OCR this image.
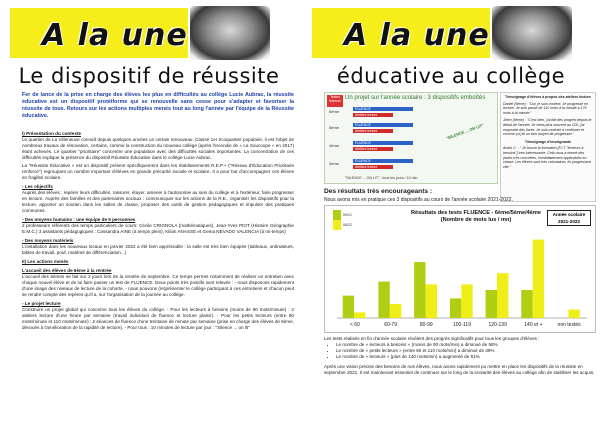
A la une
Le dispositif de réussite
Fer de lance de la prise en charge des élèves les plus en difficultés au collège Lucie Aubrac, la réussite éducative est un dispositif protéiforme qui se renouvelle sans cesse pour s'adapter et favoriser la réussite de tous. Retours sur les actions multiples menés tout au long l'année par l'équipe de la Réussite éducative.
I) Présentation du contexte

Le quartier de La Villeneuve connaît depuis quelques années un certain renouveau. Classé 1er écoquartier populaire, il est l'objet de nombreux travaux de rénovation, certains, comme la construction du nouveau collège (après l'incendie de « La Soucoupe » en 2017) étant achevés. Le quartier "prioritaire" concentre une population avec des difficultés sociales importantes. La concentration de ces difficultés explique la présence du dispositif Réussite Éducative dans le collège Lucie Aubrac.

La "Réussite Éducative » est un dispositif présent spécifiquement dans les établissements R.E.P.+ ("Réseau d'Éducation Prioritaire renforcé") regroupant un nombre important d'élèves en grande précarité sociale et scolaire. Il a pour but d'accompagner ces élèves en fragilité scolaire.

- Les objectifs

Auprès des élèves : repérer leurs difficultés, rassurer, étayer, amener à l'autonomie au sein du collège et à l'extérieur, faire progresser en lecture. Auprès des familles et des partenaires sociaux : communiquer sur les actions de la R.E., organiser les dispositifs pour la lecture, apporter un soutien dans les salles de classe, proposer des outils de gestion pédagogiques et impulser des pratiques communes.

- Des moyens humains : une équipe de 5 personnes

2 professeurs référents des temps particuliers de cours: Cécile CRIGNOLA (mathématiques), Jean-Yves PIOT (Histoire Géographie E.M.C.) 3 assistants pédagogiques : Cassandra AINE (à temps plein), Kilian ANASSE et Gema NEVADO VALENCIA (à mi-temps)

- Des moyens matériels

L'installation dans les nouveaux locaux en janvier 2022 a été bien appréciable : la salle est très bien équipée (tableaux, ordinateurs, tables de travail, pouf, matériel de différenciation...)

II) Les actions menés
L'accueil des élèves de 6ème à la rentrée

L'accueil des 6èmes se fait sur 2 jours lors de la rentrée de septembre. Ce temps permet notamment de réaliser un entretien avec chaque nouvel élève et de lui faire passer un test de FLUENCE. Deux points très positifs sont relevés : - nous disposons rapidement d'une image des niveaux de lecture de la cohorte, - nous pouvons (re)présenter le collège participant à ces entretiens et chacun peut se rendre compte des repères qu'il a, sur l'organisation de la journée au collège.

- Le projet lecture

Construire un projet global qui concerne tous les élèves du collège. - Pour les lecteurs à besoins (moins de 90 mots/minute) : 2 ateliers lecture d'une heure par semaine (travail individuel de fluence et lecture plaisir). - Pour les petits lecteurs (entre 90 mots/minute et 110 mots/minute) : 2 séances de fluence d'une trentaine de minute par semaine (prise en charge des élèves de 6ème, dévoués à l'amélioration de la rapidité de lecture). - Pour tous : 10 minutes de lecture par jour : "Silence ... on lit"

A la une
éducative au collège
Textes lecteurs Un projet sur l'année scolaire : 3 dispositifs emboîtés
6ème
5ème
4ème
3ème
FLUENCE
Ateliers lecture
FLUENCE
Ateliers lecture
FLUENCE
Ateliers lecture
FLUENCE
Ateliers lecture
"SILENCE ... ON LIT"
"SILENCE ... ON LIT" : tous les jours / 10 min
Témoignage d'élèves à propos des ateliers lecture
Daniel (5ème) : "Oui, je suis content. Je progresse en lecture. Je suis passé de 110 mots à la minute à 170 mots à la minute."
Jihen (6ème) : "C'est bien, j'ai fait des progrès depuis le début de l'année. Je viens plus souvent au CDI, j'ai emprunté des livres. Je suis motivée à continuer et comme ça j'ai un bon moyen de progresser."
Témoignage d'enseignante
Anaïs C. : " Je trouve la formation [F.I.T "lecteurs à besoins"] très intéressante. Cela nous a donné des pistes très concrètes, immédiatement applicables en classe. Les élèves sont très volontaires, ils progressent vite."
Des résultats très encourageants :
Nous avons mis en pratique ces 3 dispositifs au cours de l'année scolaire 2021-2022.
09/21
06/22
Résultats des tests FLUENCE - 6ème/5ème/4ème
(Nombre de mots lus / mn)
Année scolaire 2021-2022
< 60	60-79	80-99	100-119	120-139	140 et +	non testés
Les tests réalisés en fin d'année scolaire révèlent des progrès significatifs pour tous les groupes d'élèves :
• Le nombre de « lecteurs à besoins » (moins de 90 mots/min) a diminué de 58%
• Le nombre de « petits lecteurs » (entre 90 et 110 mots/min) a diminué de 39%
• Le nombre de « lecteurs » (plus de 140 mots/min) a augmenté de 51%
Après une vision précise des besoins de nos élèves, nous avons rapidement pu mettre en place les dispositifs de la réussite en septembre 2021. Il est maintenant essentiel de continuer sur le long de la scolarité des élèves au collège afin de stabiliser les acquis.
